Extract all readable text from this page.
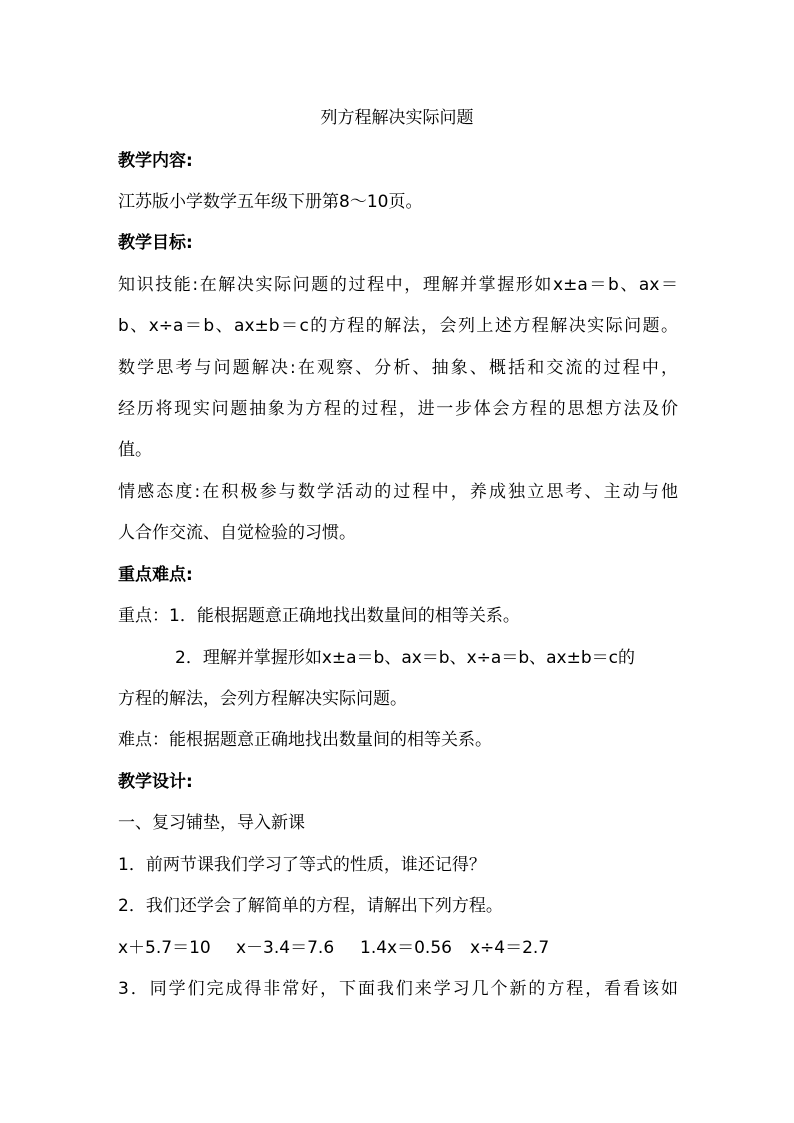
列方程解决实际问题
教学内容:
江苏版小学数学五年级下册第8～10页。
教学目标:
知识技能:在解决实际问题的过程中，理解并掌握形如x±a＝b、ax＝
b、x÷a＝b、ax±b＝c的方程的解法，会列上述方程解决实际问题。
数学思考与问题解决:在观察、分析、抽象、概括和交流的过程中，
经历将现实问题抽象为方程的过程，进一步体会方程的思想方法及价
值。
情感态度:在积极参与数学活动的过程中，养成独立思考、主动与他
人合作交流、自觉检验的习惯。
重点难点:
重点：1．能根据题意正确地找出数量间的相等关系。
2．理解并掌握形如x±a＝b、ax＝b、x÷a＝b、ax±b＝c的
方程的解法，会列方程解决实际问题。
难点：能根据题意正确地找出数量间的相等关系。
教学设计:
一、复习铺垫，导入新课
1．前两节课我们学习了等式的性质，谁还记得？
2．我们还学会了解简单的方程，请解出下列方程。
x＋5.7＝10 x－3.4＝7.6 1.4x＝0.56 x÷4＝2.7
3．同学们完成得非常好，下面我们来学习几个新的方程，看看该如
